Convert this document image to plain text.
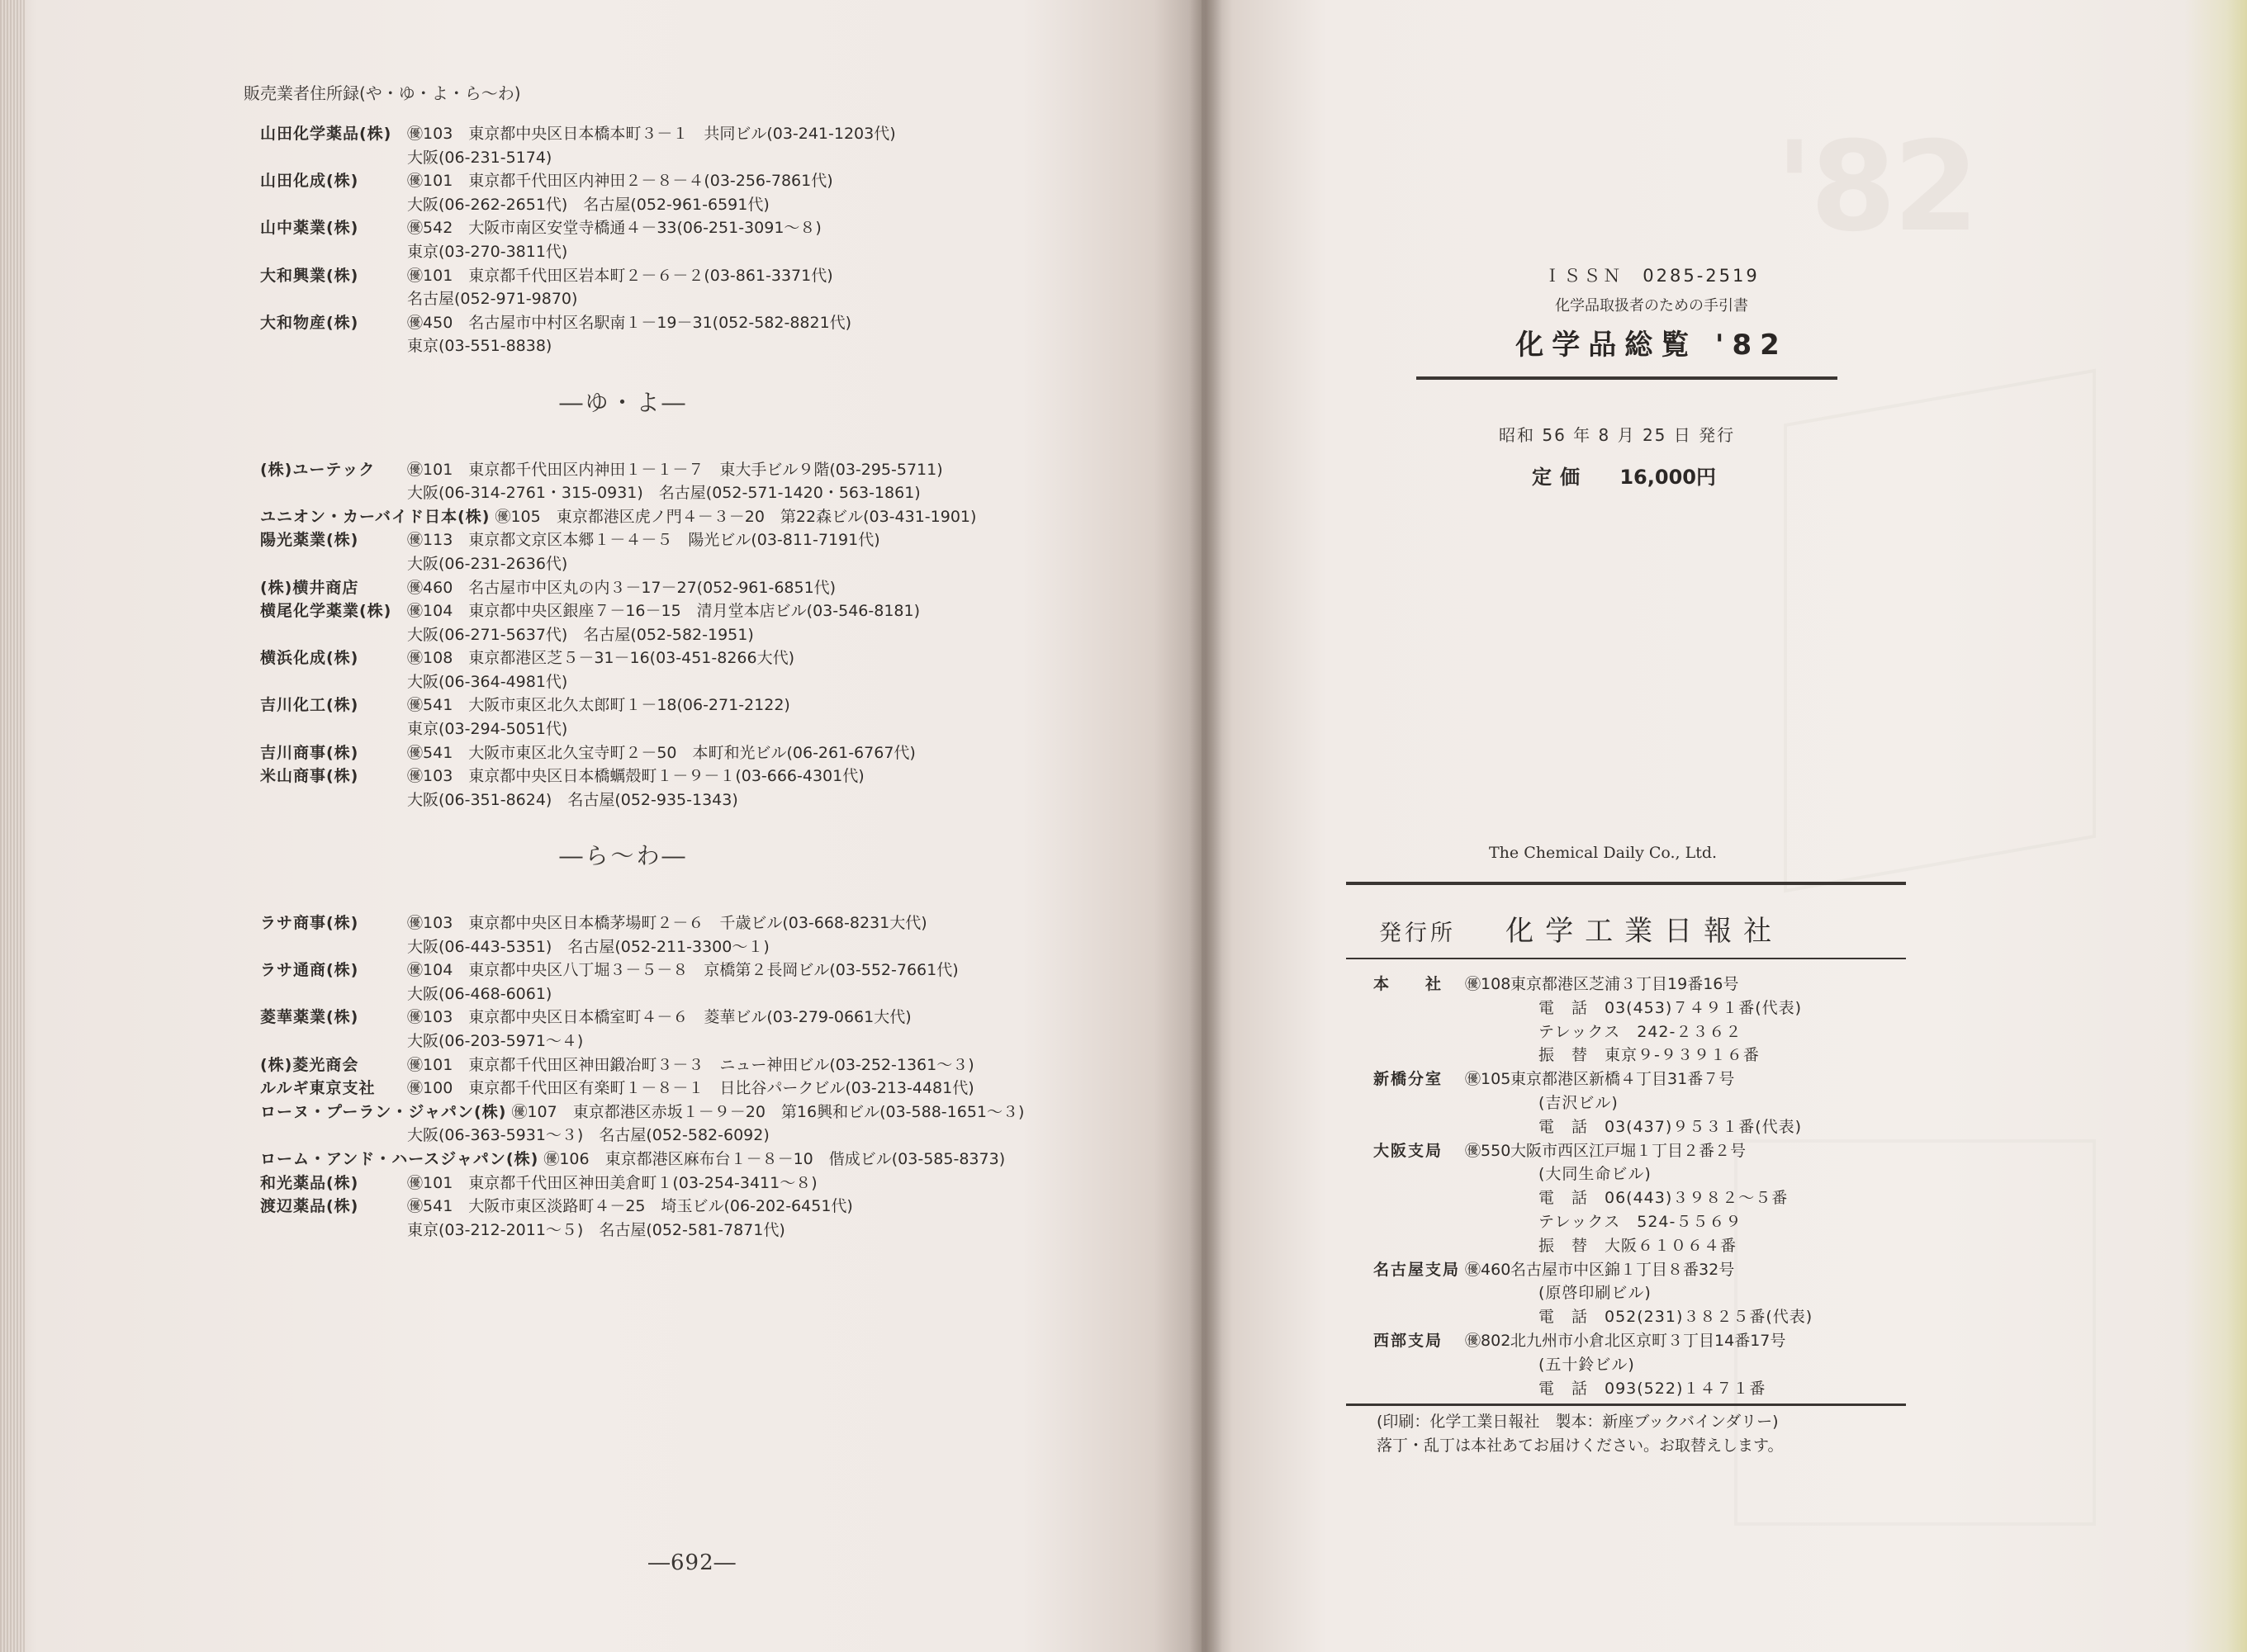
'82
販売業者住所録(や・ゆ・よ・ら〜わ)
山田化学薬品(株) ㊝103　東京都中央区日本橋本町３－１　共同ビル(03-241-1203代)
大阪(06-231-5174)
山田化成(株)	㊝101　東京都千代田区内神田２－８－４(03-256-7861代)
大阪(06-262-2651代)　名古屋(052-961-6591代)
山中薬業(株)	㊝542　大阪市南区安堂寺橋通４－33(06-251-3091〜８)
東京(03-270-3811代)
大和興業(株)	㊝101　東京都千代田区岩本町２－６－２(03-861-3371代)
名古屋(052-971-9870)
大和物産(株)	㊝450　名古屋市中村区名駅南１－19－31(052-582-8821代)
東京(03-551-8838)
―ゆ・よ―
(株)ユーテック ㊝101　東京都千代田区内神田１－１－７　東大手ビル９階(03-295-5711)
大阪(06-314-2761・315-0931)　名古屋(052-571-1420・563-1861)
ユニオン・カーバイド日本(株) ㊝105　東京都港区虎ノ門４－３－20　第22森ビル(03-431-1901)
陽光薬業(株)	㊝113　東京都文京区本郷１－４－５　陽光ビル(03-811-7191代)
大阪(06-231-2636代)
(株)横井商店	㊝460　名古屋市中区丸の内３－17－27(052-961-6851代)
横尾化学薬業(株) ㊝104　東京都中央区銀座７－16－15　清月堂本店ビル(03-546-8181)
大阪(06-271-5637代)　名古屋(052-582-1951)
横浜化成(株)	㊝108　東京都港区芝５－31－16(03-451-8266大代)
大阪(06-364-4981代)
吉川化工(株)	㊝541　大阪市東区北久太郎町１－18(06-271-2122)
東京(03-294-5051代)
吉川商事(株)	㊝541　大阪市東区北久宝寺町２－50　本町和光ビル(06-261-6767代)
米山商事(株)	㊝103　東京都中央区日本橋蠣殻町１－９－１(03-666-4301代)
大阪(06-351-8624)　名古屋(052-935-1343)
―ら〜わ―
ラサ商事(株)	㊝103　東京都中央区日本橋茅場町２－６　千歳ビル(03-668-8231大代)
大阪(06-443-5351)　名古屋(052-211-3300〜１)
ラサ通商(株)	㊝104　東京都中央区八丁堀３－５－８　京橋第２長岡ビル(03-552-7661代)
大阪(06-468-6061)
菱華薬業(株)	㊝103　東京都中央区日本橋室町４－６　菱華ビル(03-279-0661大代)
大阪(06-203-5971〜４)
(株)菱光商会	㊝101　東京都千代田区神田鍛冶町３－３　ニュー神田ビル(03-252-1361〜３)
ルルギ東京支社 ㊝100　東京都千代田区有楽町１－８－１　日比谷パークビル(03-213-4481代)
ローヌ・プーラン・ジャパン(株) ㊝107　東京都港区赤坂１－９－20　第16興和ビル(03-588-1651〜３)
大阪(06-363-5931〜３)　名古屋(052-582-6092)
ローム・アンド・ハースジャパン(株) ㊝106　東京都港区麻布台１－８－10　偕成ビル(03-585-8373)
和光薬品(株)	㊝101　東京都千代田区神田美倉町１(03-254-3411〜８)
渡辺薬品(株)	㊝541　大阪市東区淡路町４－25　埼玉ビル(06-202-6451代)
東京(03-212-2011〜５)　名古屋(052-581-7871代)
―692―
ＩＳＳＮ　0285-2519
化学品取扱者のための手引書
化学品総覧 '82
昭和 56 年 8 月 25 日 発行
定価 16,000円
The Chemical Daily Co., Ltd.
発行所 化学工業日報社
本　　社　 ㊝108東京都港区芝浦３丁目19番16号
電　話　03(453)７４９１番(代表)
テレックス　242-２３６２
振　替　東京９-９３９１６番
新橋分室　 ㊝105東京都港区新橋４丁目31番７号
(吉沢ビル)
電　話　03(437)９５３１番(代表)
大阪支局　 ㊝550大阪市西区江戸堀１丁目２番２号
(大同生命ビル)
電　話　06(443)３９８２〜５番
テレックス　524-５５６９
振　替　大阪６１０６４番
名古屋支局　 ㊝460名古屋市中区錦１丁目８番32号
(原啓印刷ビル)
電　話　052(231)３８２５番(代表)
西部支局　 ㊝802北九州市小倉北区京町３丁目14番17号
(五十鈴ビル)
電　話　093(522)１４７１番
(印刷：化学工業日報社　製本：新座ブックバインダリー)
落丁・乱丁は本社あてお届けください。お取替えします。
